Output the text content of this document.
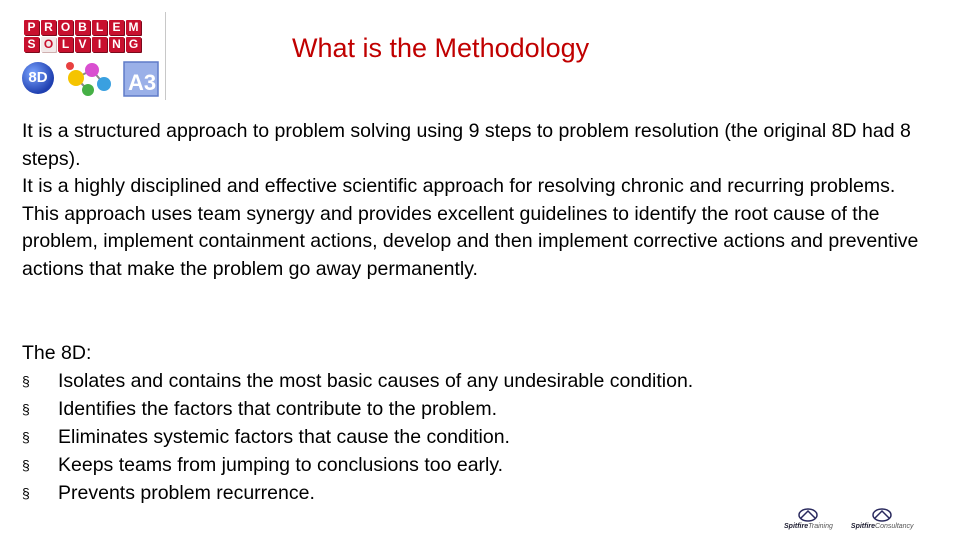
P R O B L E M
S O L V I N G
8D	A3
What is the Methodology

It is a structured approach to problem solving using 9 steps to problem resolution (the original 8D had 8 steps).

It is a highly disciplined and effective scientific approach for resolving chronic and recurring problems.

This approach uses team synergy and provides excellent guidelines to identify the root cause of the problem, implement containment actions, develop and then implement corrective actions and preventive actions that make the problem go away permanently.

The 8D:

§	Isolates and contains the most basic causes of any undesirable condition.
§	Identifies the factors that contribute to the problem.
§	Eliminates systemic factors that cause the condition.
§	Keeps teams from jumping to conclusions too early.
§	Prevents problem recurrence.
SpitfireTraining	SpitfireConsultancy
